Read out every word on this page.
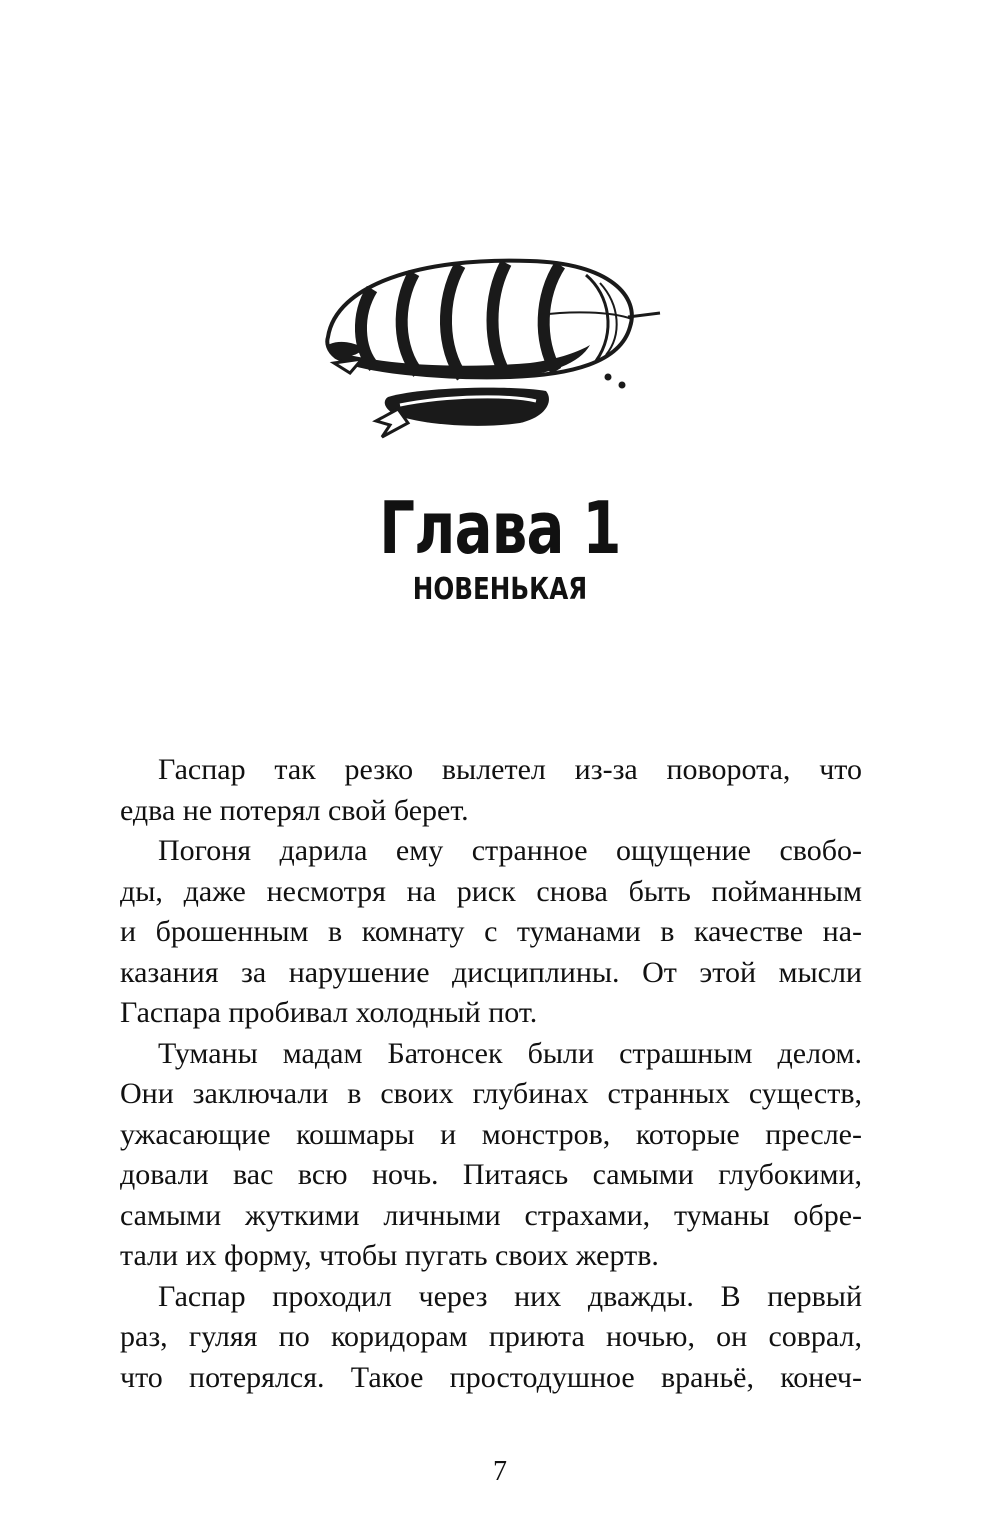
Глава 1
НОВЕНЬКАЯ

Гаспар так резко вылетел из-за поворота, что
едва не потерял свой берет.

Погоня дарила ему странное ощущение свобо-
ды, даже несмотря на риск снова быть пойманным
и брошенным в комнату с туманами в качестве на-
казания за нарушение дисциплины. От этой мысли
Гаспара пробивал холодный пот.

Туманы мадам Батонсек были страшным делом.
Они заключали в своих глубинах странных существ,
ужасающие кошмары и монстров, которые пресле-
довали вас всю ночь. Питаясь самыми глубокими,
самыми жуткими личными страхами, туманы обре-
тали их форму, чтобы пугать своих жертв.

Гаспар проходил через них дважды. В первый
раз, гуляя по коридорам приюта ночью, он соврал,
что потерялся. Такое простодушное враньё, конеч-

7
